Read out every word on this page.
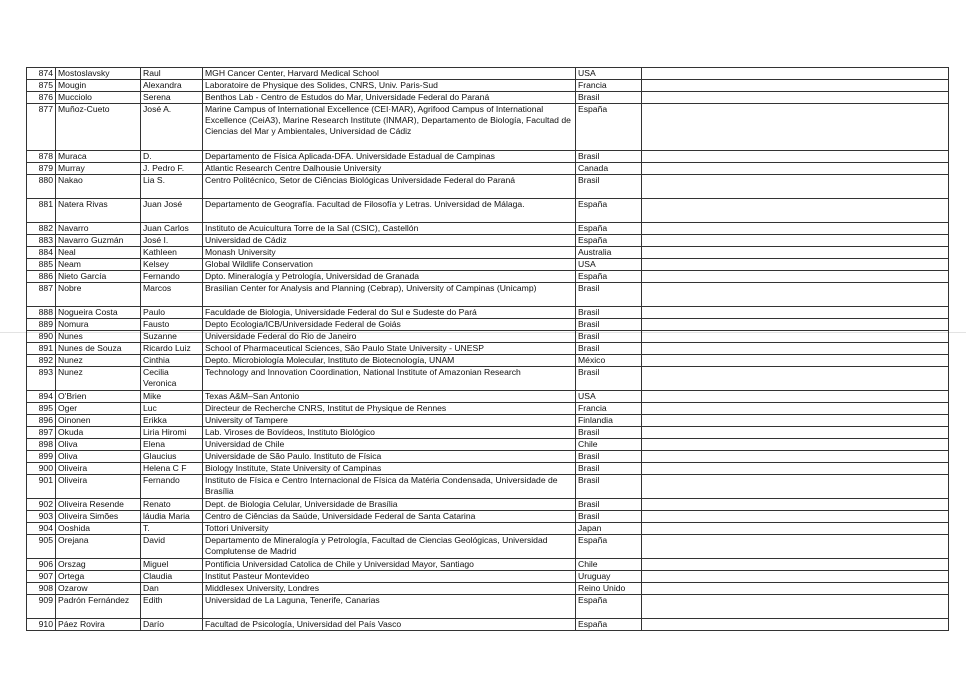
874	Mostoslavsky	Raul	MGH Cancer Center, Harvard Medical School	USA	
875	Mougin	Alexandra	Laboratoire de Physique des Solides, CNRS, Univ. Paris-Sud	Francia	
876	Mucciolo	Serena	Benthos Lab - Centro de Estudos do Mar, Universidade Federal do Paraná	Brasil	
877	Muñoz-Cueto	José A.	Marine Campus of International Excellence (CEI·MAR), Agrifood Campus of International Excellence (CeiA3), Marine Research Institute (INMAR), Departamento de Biología, Facultad de Ciencias del Mar y Ambientales, Universidad de Cádiz	España	
878	Muraca	D.	Departamento de Física Aplicada-DFA. Universidade Estadual de Campinas	Brasil	
879	Murray	J. Pedro F.	Atlantic Research Centre Dalhousie University	Canada	
880	Nakao	Lia S.	Centro Politécnico, Setor de Ciências Biológicas Universidade Federal do Paraná	Brasil	
881	Natera Rivas	Juan José	Departamento de Geografía. Facultad de Filosofía y Letras. Universidad de Málaga.	España	
882	Navarro	Juan Carlos	Instituto de Acuicultura Torre de la Sal (CSIC), Castellón	España	
883	Navarro Guzmán	José I.	Universidad de Cádiz	España	
884	Neal	Kathleen	Monash University	Australia	
885	Neam	Kelsey	Global Wildlife Conservation	USA	
886	Nieto García	Fernando	Dpto. Mineralogía y Petrología, Universidad de Granada	España	
887	Nobre	Marcos	Brasilian Center for Analysis and Planning (Cebrap), University of Campinas (Unicamp)	Brasil	
888	Nogueira Costa	Paulo	Faculdade de Biologia, Universidade Federal do Sul e Sudeste do Pará	Brasil	
889	Nomura	Fausto	Depto Ecologia/ICB/Universidade Federal de Goiás	Brasil	
890	Nunes	Suzanne	Universidade Federal do Rio de Janeiro	Brasil	
891	Nunes de Souza	Ricardo Luiz	School of Pharmaceutical Sciences, São Paulo State University - UNESP	Brasil	
892	Nunez	Cinthia	Depto. Microbiología Molecular, Instituto de Biotecnología, UNAM	México	
893	Nunez	Cecilia Veronica	Technology and Innovation Coordination, National Institute of Amazonian Research	Brasil	
894	O'Brien	Mike	Texas A&M–San Antonio	USA	
895	Oger	Luc	Directeur de Recherche CNRS, Institut de Physique de Rennes	Francia	
896	Oinonen	Erikka	University of Tampere	Finlandia	
897	Okuda	Liria Hiromi	Lab. Viroses de Bovídeos, Instituto Biológico	Brasil	
898	Oliva	Elena	Universidad de Chile	Chile	
899	Oliva	Glaucius	Universidade de São Paulo. Instituto de Física	Brasil	
900	Oliveira	Helena C F	Biology Institute, State University of Campinas	Brasil	
901	Oliveira	Fernando	Instituto de Física e Centro Internacional de Física da Matéria Condensada, Universidade de Brasília	Brasil	
902	Oliveira Resende	Renato	Dept. de Biologia Celular, Universidade de Brasília	Brasil	
903	Oliveira Simões	láudia Maria	Centro de Ciências da Saúde, Universidade Federal de Santa Catarina	Brasil	
904	Ooshida	T.	Tottori University	Japan	
905	Orejana	David	Departamento de Mineralogía y Petrología, Facultad de Ciencias Geológicas, Universidad Complutense de Madrid	España	
906	Orszag	Miguel	Pontificia Universidad Catolica de Chile y Universidad Mayor, Santiago	Chile	
907	Ortega	Claudia	Institut Pasteur Montevideo	Uruguay	
908	Ozarow	Dan	Middlesex University, Londres	Reino Unido	
909	Padrón Fernández	Edith	Universidad de La Laguna, Tenerife, Canarias	España	
910	Páez Rovira	Darío	Facultad de Psicología, Universidad del País Vasco	España	
